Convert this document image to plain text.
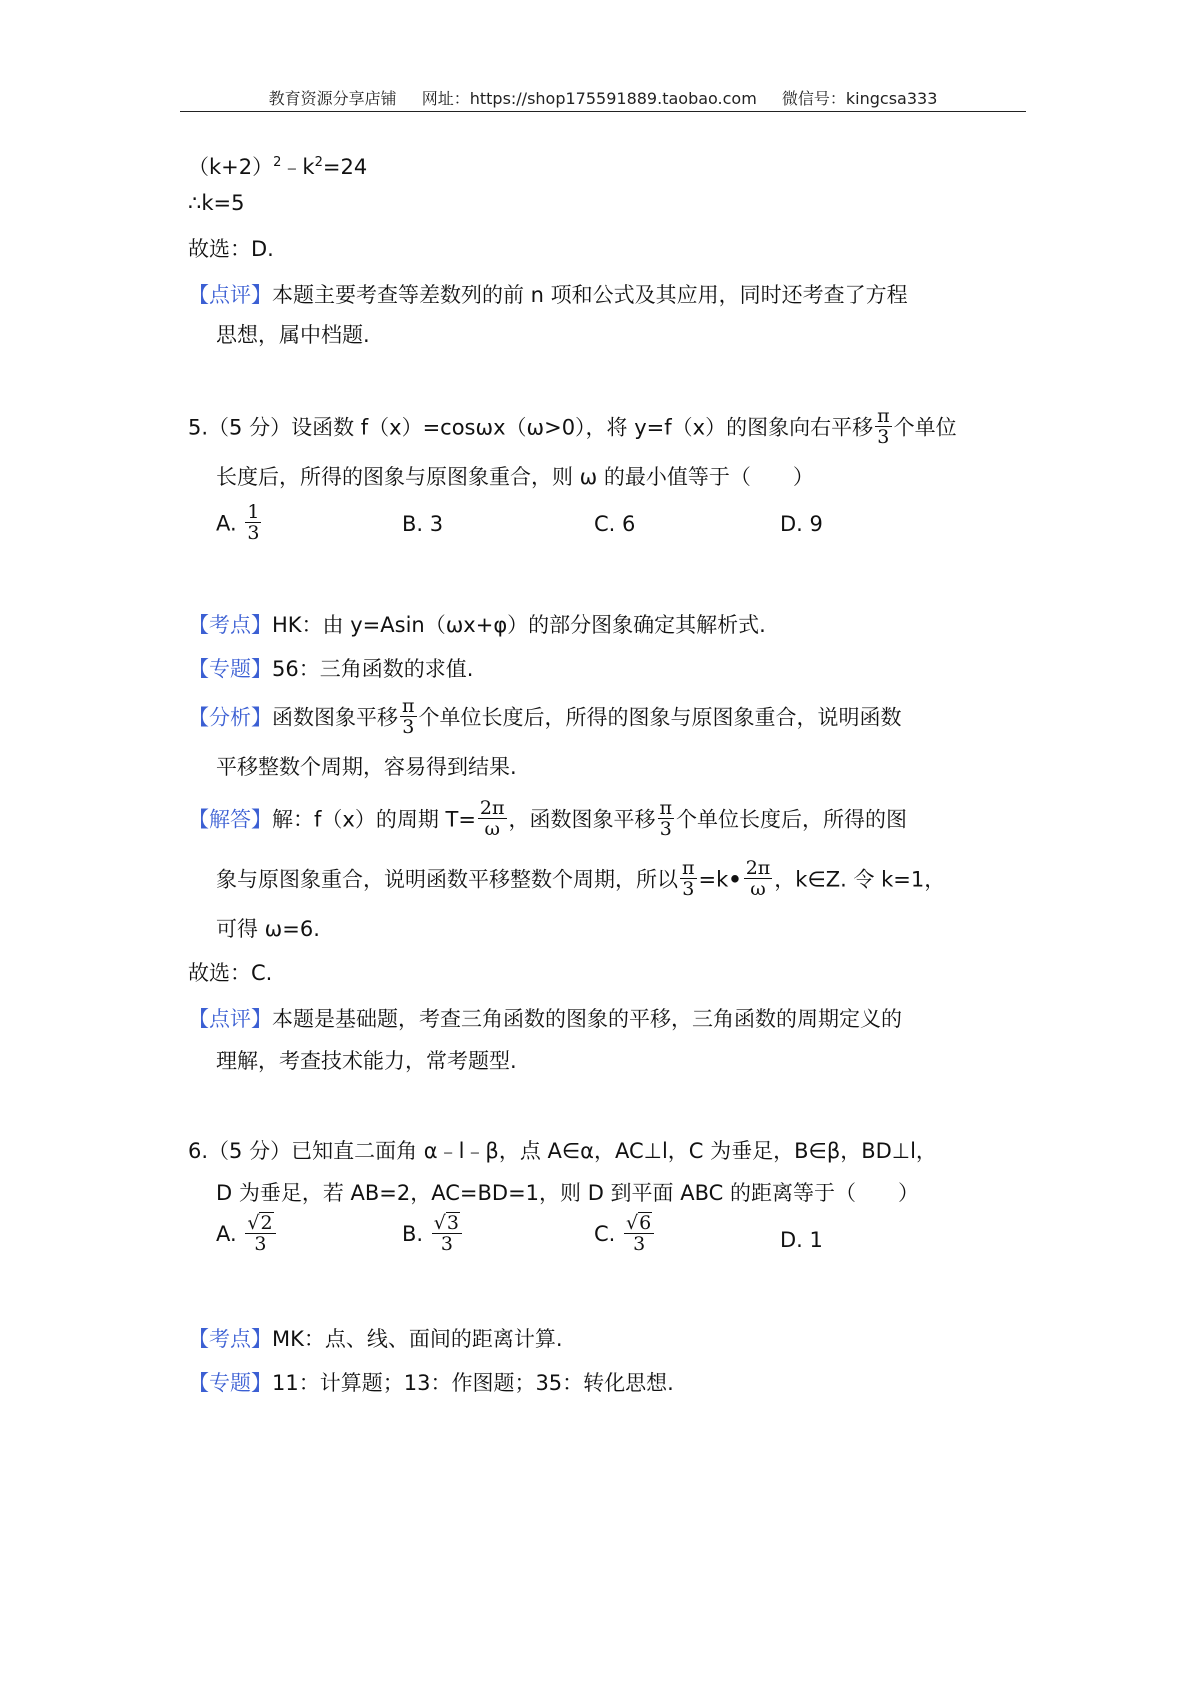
教育资源分享店铺 网址：https://shop175591889.taobao.com 微信号：kingcsa333
$(k+2)^2﹣k^2=24$
∴k=5
故选：D.
【点评】本题主要考查等差数列的前 n 项和公式及其应用，同时还考查了方程
思想，属中档题.
5.（5 分）设函数 f（x）=cosωx（ω>0），将 y=f（x）的图象向右平移 $\frac{\pi}{3}$ 个单位
长度后，所得的图象与原图象重合，则 ω 的最小值等于（　　）
A. $\frac{1}{3}$	B. 3	C. 6	D. 9
【考点】HK：由 y=Asin（ωx+φ）的部分图象确定其解析式.
【专题】56：三角函数的求值.
【分析】函数图象平移 $\frac{\pi}{3}$ 个单位长度后，所得的图象与原图象重合，说明函数
平移整数个周期，容易得到结果.
【解答】解：f（x）的周期 $T= \frac{2\pi}{\omega}$ ，函数图象平移 $\frac{\pi}{3}$ 个单位长度后，所得的图
象与原图象重合，说明函数平移整数个周期，所以 $\frac{\pi}{3}$ =k• $\frac{2\pi}{\omega}$ ，k∈Z. 令 k=1，
可得 ω=6.
故选：C.
【点评】本题是基础题，考查三角函数的图象的平移，三角函数的周期定义的
理解，考查技术能力，常考题型.
6.（5 分）已知直二面角 α﹣l﹣β，点 A∈α，AC⊥l，C 为垂足，B∈β，BD⊥l，
D 为垂足，若 AB=2，AC=BD=1，则 D 到平面 ABC 的距离等于（　　）
A. $\frac{√ 2}{3}$	B. $\frac{√ 3}{3}$	C. $\frac{√ 6}{3}$	D. 1
【考点】MK：点、线、面间的距离计算.
【专题】11：计算题；13：作图题；35：转化思想.
